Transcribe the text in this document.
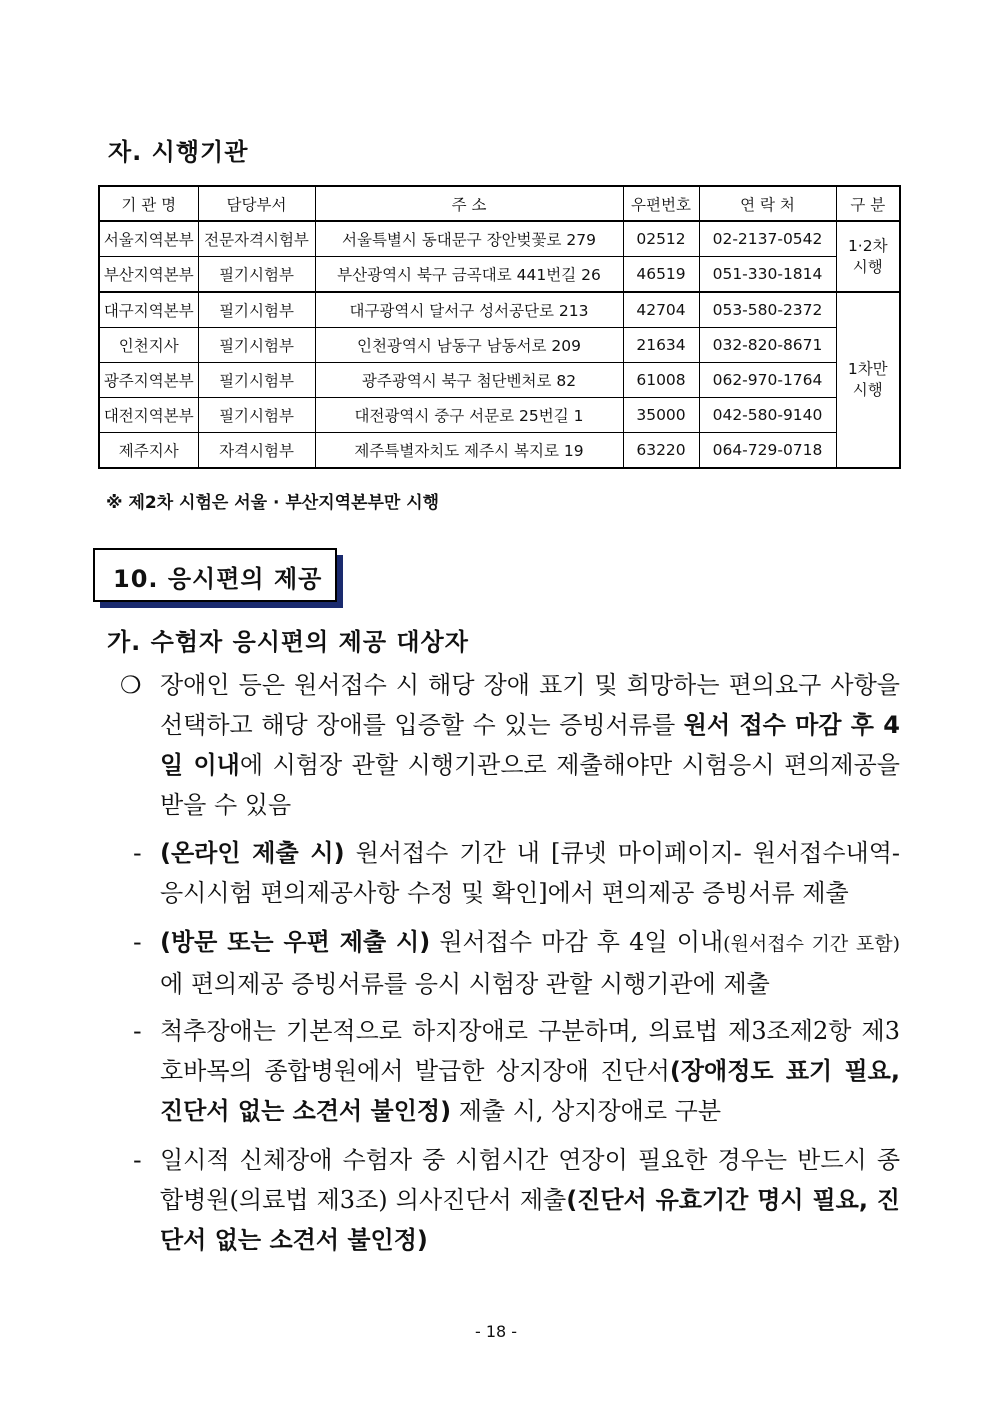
자. 시행기관
기 관 명	담당부서	주 소	우편번호	연 락 처	구 분
서울지역본부	전문자격시험부	서울특별시 동대문구 장안벚꽃로 279	02512	02-2137-0542	1·2차
시행
부산지역본부	필기시험부	부산광역시 북구 금곡대로 441번길 26	46519	051-330-1814	
대구지역본부	필기시험부	대구광역시 달서구 성서공단로 213	42704	053-580-2372	1차만
시행
인천지사	필기시험부	인천광역시 남동구 남동서로 209	21634	032-820-8671	
광주지역본부	필기시험부	광주광역시 북구 첨단벤처로 82	61008	062-970-1764	
대전지역본부	필기시험부	대전광역시 중구 서문로 25번길 1	35000	042-580-9140	
제주지사	자격시험부	제주특별자치도 제주시 복지로 19	63220	064-729-0718	
※ 제2차 시험은 서울 · 부산지역본부만 시행
10. 응시편의 제공
가. 수험자 응시편의 제공 대상자
❍ 장애인 등은 원서접수 시 해당 장애 표기 및 희망하는 편의요구 사항을 선택하고 해당 장애를 입증할 수 있는 증빙서류를 원서 접수 마감 후 4일 이내에 시험장 관할 시행기관으로 제출해야만 시험응시 편의제공을 받을 수 있음
- (온라인 제출 시) 원서접수 기간 내 [큐넷 마이페이지- 원서접수내역- 응시시험 편의제공사항 수정 및 확인]에서 편의제공 증빙서류 제출
- (방문 또는 우편 제출 시) 원서접수 마감 후 4일 이내(원서접수 기간 포함)에 편의제공 증빙서류를 응시 시험장 관할 시행기관에 제출
- 척추장애는 기본적으로 하지장애로 구분하며, 의료법 제3조제2항 제3호바목의 종합병원에서 발급한 상지장애 진단서(장애정도 표기 필요, 진단서 없는 소견서 불인정) 제출 시, 상지장애로 구분
- 일시적 신체장애 수험자 중 시험시간 연장이 필요한 경우는 반드시 종합병원(의료법 제3조) 의사진단서 제출(진단서 유효기간 명시 필요, 진단서 없는 소견서 불인정)
- 18 -
